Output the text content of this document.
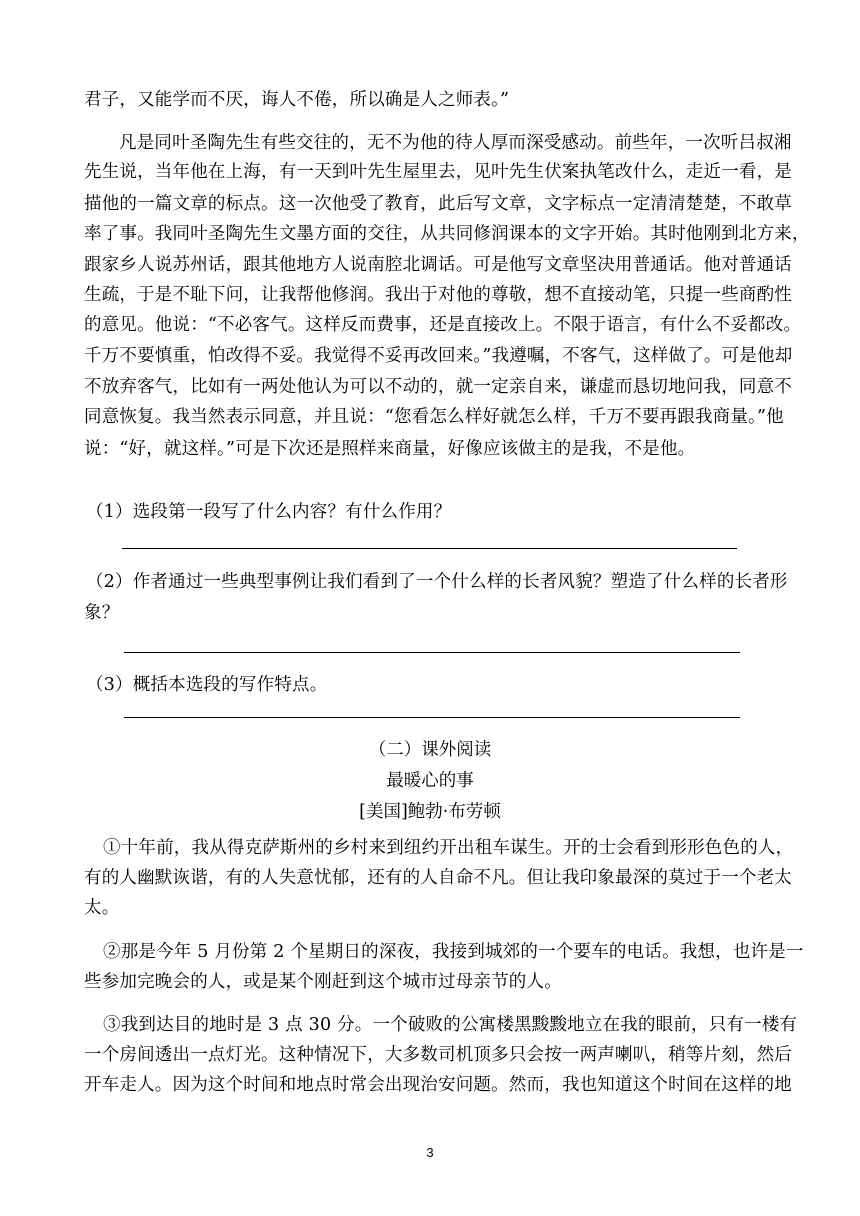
君子，又能学而不厌，诲人不倦，所以确是人之师表。”
凡是同叶圣陶先生有些交往的，无不为他的待人厚而深受感动。前些年，一次听吕叔湘
先生说，当年他在上海，有一天到叶先生屋里去，见叶先生伏案执笔改什么，走近一看，是
描他的一篇文章的标点。这一次他受了教育，此后写文章，文字标点一定清清楚楚，不敢草
率了事。我同叶圣陶先生文墨方面的交往，从共同修润课本的文字开始。其时他刚到北方来，
跟家乡人说苏州话，跟其他地方人说南腔北调话。可是他写文章坚决用普通话。他对普通话
生疏，于是不耻下问，让我帮他修润。我出于对他的尊敬，想不直接动笔，只提一些商酌性
的意见。他说：“不必客气。这样反而费事，还是直接改上。不限于语言，有什么不妥都改。
千万不要慎重，怕改得不妥。我觉得不妥再改回来。”我遵嘱，不客气，这样做了。可是他却
不放弃客气，比如有一两处他认为可以不动的，就一定亲自来，谦虚而恳切地问我，同意不
同意恢复。我当然表示同意，并且说：“您看怎么样好就怎么样，千万不要再跟我商量。”他
说：“好，就这样。”可是下次还是照样来商量，好像应该做主的是我，不是他。
（1）选段第一段写了什么内容？有什么作用？
（2）作者通过一些典型事例让我们看到了一个什么样的长者风貌？塑造了什么样的长者形
象？
（3）概括本选段的写作特点。
（二）课外阅读
最暖心的事
[美国]鲍勃·布劳顿
①十年前，我从得克萨斯州的乡村来到纽约开出租车谋生。开的士会看到形形色色的人，
有的人幽默诙谐，有的人失意忧郁，还有的人自命不凡。但让我印象最深的莫过于一个老太
太。
②那是今年 5 月份第 2 个星期日的深夜，我接到城郊的一个要车的电话。我想，也许是一
些参加完晚会的人，或是某个刚赶到这个城市过母亲节的人。
③我到达目的地时是 3 点 30 分。一个破败的公寓楼黑黢黢地立在我的眼前，只有一楼有
一个房间透出一点灯光。这种情况下，大多数司机顶多只会按一两声喇叭，稍等片刻，然后
开车走人。因为这个时间和地点时常会出现治安问题。然而，我也知道这个时间在这样的地
3
